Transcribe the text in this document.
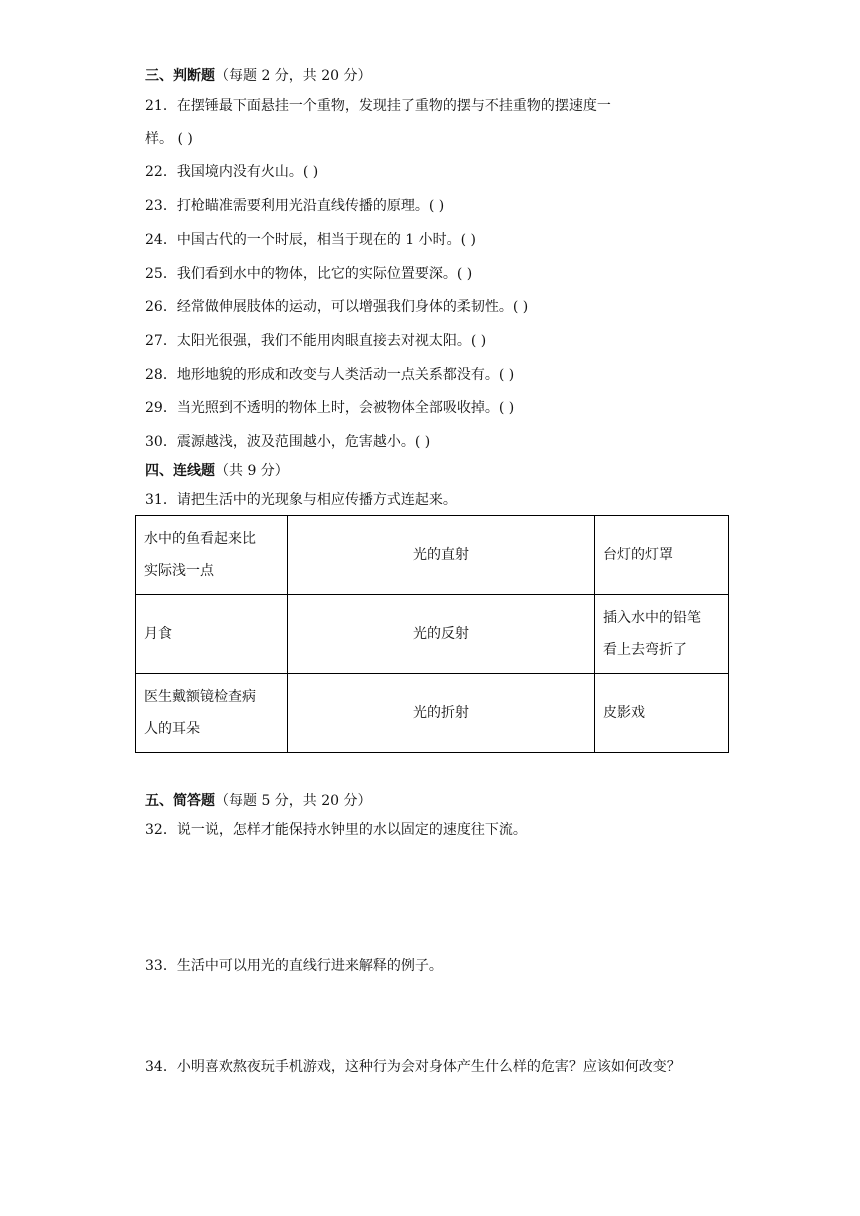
三、判断题（每题 2 分，共 20 分）
21．在摆锤最下面悬挂一个重物，发现挂了重物的摆与不挂重物的摆速度一
样。 ( )
22．我国境内没有火山。( )
23．打枪瞄准需要利用光沿直线传播的原理。( )
24．中国古代的一个时辰，相当于现在的 1 小时。( )
25．我们看到水中的物体，比它的实际位置要深。( )
26．经常做伸展肢体的运动，可以增强我们身体的柔韧性。( )
27．太阳光很强，我们不能用肉眼直接去对视太阳。( )
28．地形地貌的形成和改变与人类活动一点关系都没有。( )
29．当光照到不透明的物体上时，会被物体全部吸收掉。( )
30．震源越浅，波及范围越小，危害越小。( )
四、连线题（共 9 分）
31．请把生活中的光现象与相应传播方式连起来。
水中的鱼看起来比
实际浅一点	光的直射	台灯的灯罩

月食	光的反射	插入水中的铅笔
看上去弯折了

医生戴额镜检查病
人的耳朵	光的折射	皮影戏
五、简答题（每题 5 分，共 20 分）
32．说一说，怎样才能保持水钟里的水以固定的速度往下流。
33．生活中可以用光的直线行进来解释的例子。
34．小明喜欢熬夜玩手机游戏，这种行为会对身体产生什么样的危害？应该如何改变？
